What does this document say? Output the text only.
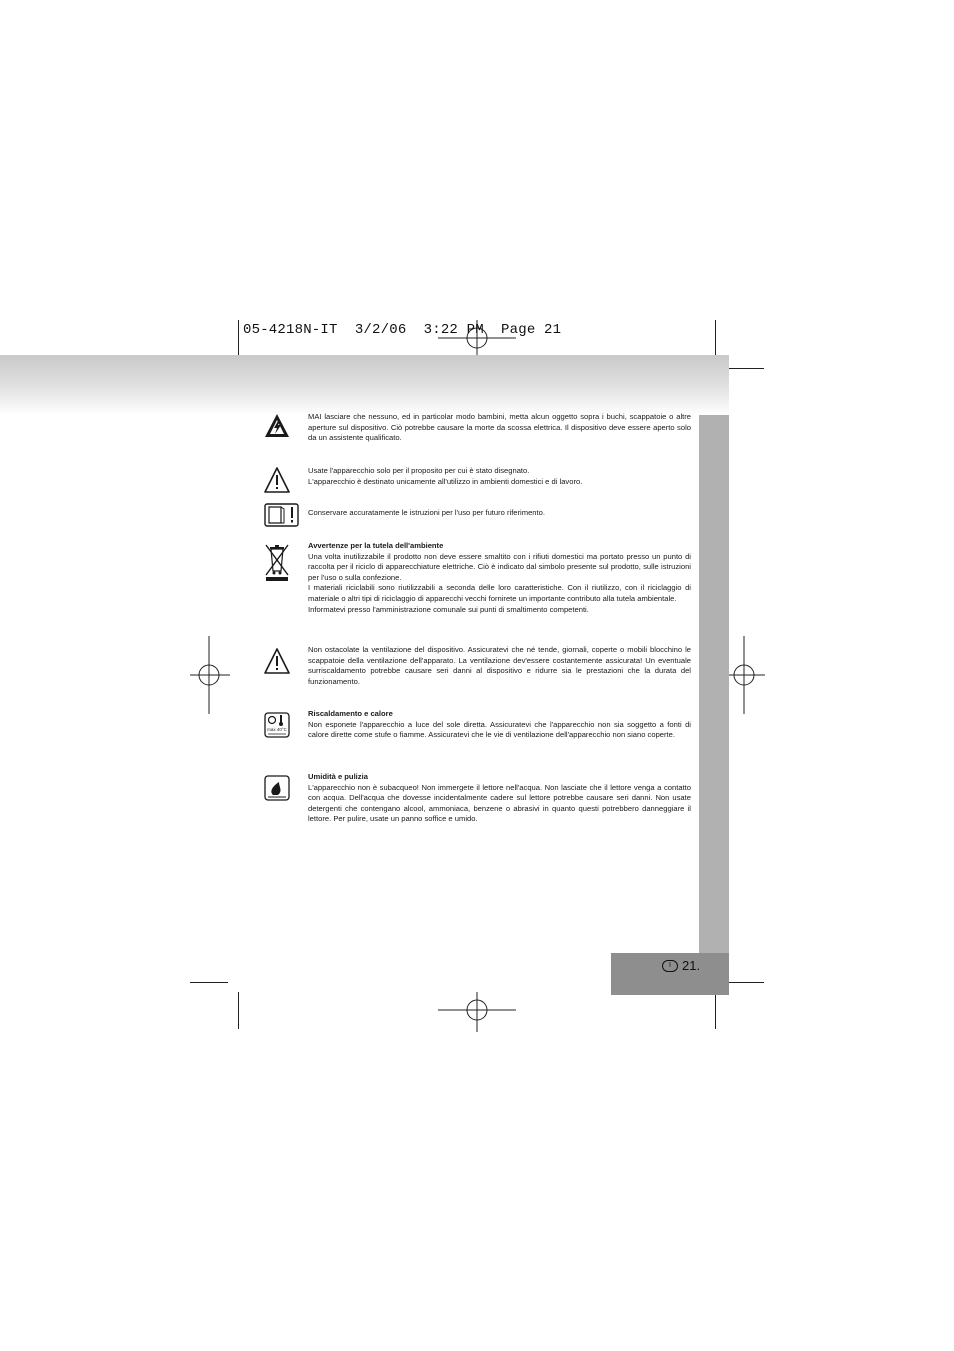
05-4218N-IT  3/2/06  3:22 PM  Page 21
I 21.

MAI lasciare che nessuno, ed in particolar modo bambini, metta alcun oggetto sopra i buchi, scappatoie o altre aperture sul dispositivo. Ciò potrebbe causare la morte da scossa elettrica. Il dispositivo deve essere aperto solo da un assistente qualificato.

Usate l'apparecchio solo per il proposito per cui è stato disegnato.

L'apparecchio è destinato unicamente all'utilizzo in ambienti domestici e di lavoro.

Conservare accuratamente le istruzioni per l'uso per futuro riferimento.

Avvertenze per la tutela dell'ambiente

Una volta inutilizzabile il prodotto non deve essere smaltito con i rifiuti domestici ma portato presso un punto di raccolta per il riciclo di apparecchiature elettriche. Ciò è indicato dal simbolo presente sul prodotto, sulle istruzioni per l'uso o sulla confezione.

I materiali riciclabili sono riutilizzabili a seconda delle loro caratteristiche. Con il riutilizzo, con il riciclaggio di materiale o altri tipi di riciclaggio di apparecchi vecchi fornirete un importante contributo alla tutela ambientale.

Informatevi presso l'amministrazione comunale sui punti di smaltimento competenti.

Non ostacolate la ventilazione del dispositivo. Assicuratevi che né tende, giornali, coperte o mobili blocchino le scappatoie della ventilazione dell'apparato. La ventilazione dev'essere costantemente assicurata! Un eventuale surriscaldamento potrebbe causare seri danni al dispositivo e ridurre sia le prestazioni che la durata del funzionamento.

max 40°C

Riscaldamento e calore

Non esponete l'apparecchio a luce del sole diretta. Assicuratevi che l'apparecchio non sia soggetto a fonti di calore dirette come stufe o fiamme. Assicuratevi che le vie di ventilazione dell'apparecchio non siano coperte.

Umidità e pulizia

L'apparecchio non è subacqueo! Non immergete il lettore nell'acqua. Non lasciate che il lettore venga a contatto con acqua. Dell'acqua che dovesse incidentalmente cadere sul lettore potrebbe causare seri danni. Non usate detergenti che contengano alcool, ammoniaca, benzene o abrasivi in quanto questi potrebbero danneggiare il lettore. Per pulire, usate un panno soffice e umido.
